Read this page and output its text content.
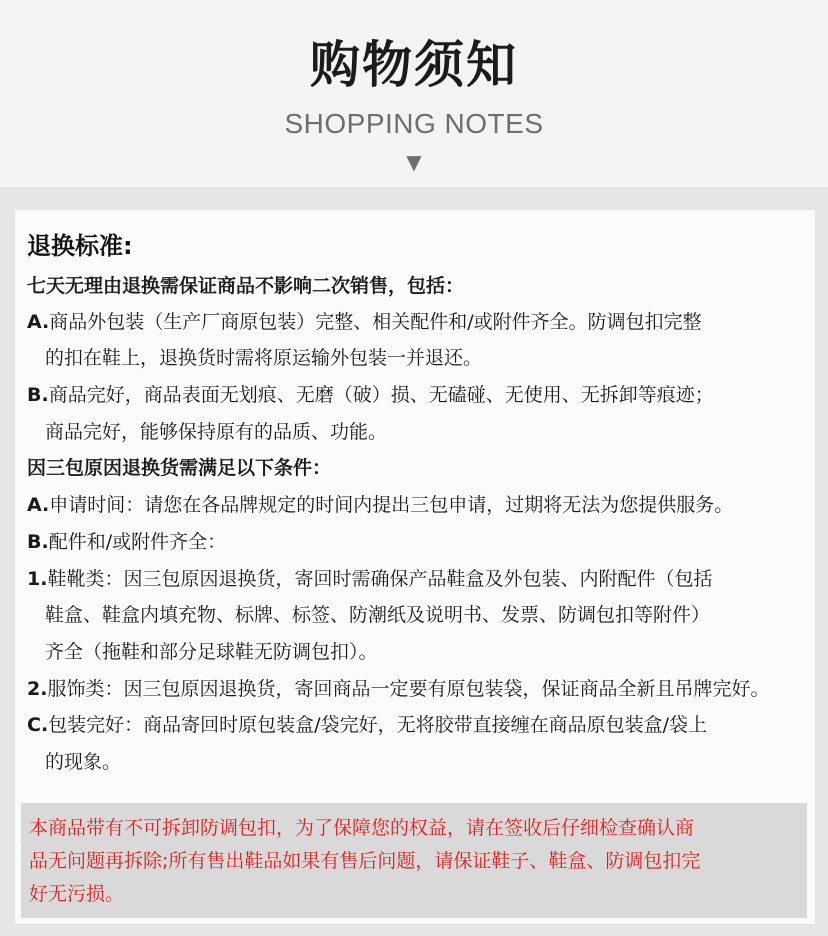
购物须知
SHOPPING NOTES
▼
退换标准:
七天无理由退换需保证商品不影响二次销售，包括：
A.商品外包装（生产厂商原包装）完整、相关配件和/或附件齐全。防调包扣完整
的扣在鞋上，退换货时需将原运输外包装一并退还。
B.商品完好，商品表面无划痕、无磨（破）损、无磕碰、无使用、无拆卸等痕迹；
商品完好，能够保持原有的品质、功能。
因三包原因退换货需满足以下条件：
A.申请时间：请您在各品牌规定的时间内提出三包申请，过期将无法为您提供服务。
B.配件和/或附件齐全：
1.鞋靴类：因三包原因退换货，寄回时需确保产品鞋盒及外包装、内附配件（包括
鞋盒、鞋盒内填充物、标牌、标签、防潮纸及说明书、发票、防调包扣等附件）
齐全（拖鞋和部分足球鞋无防调包扣）。
2.服饰类：因三包原因退换货，寄回商品一定要有原包装袋，保证商品全新且吊牌完好。
C.包装完好：商品寄回时原包装盒/袋完好，无将胶带直接缠在商品原包装盒/袋上
的现象。
本商品带有不可拆卸防调包扣，为了保障您的权益，请在签收后仔细检查确认商
品无问题再拆除;所有售出鞋品如果有售后问题，请保证鞋子、鞋盒、防调包扣完
好无污损。
